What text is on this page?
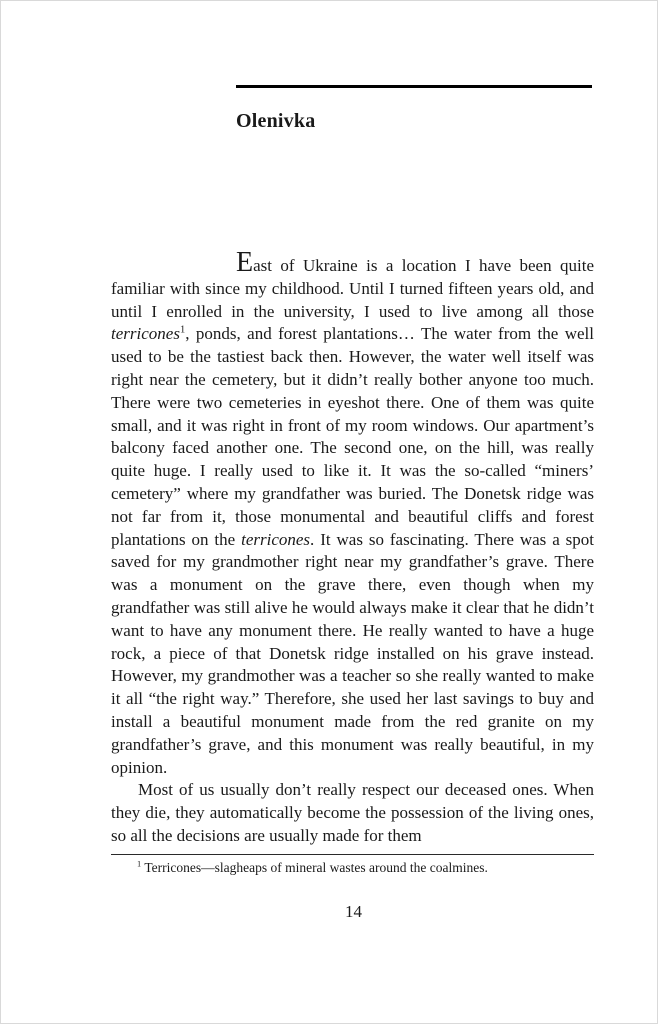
Olenivka

East of Ukraine is a location I have been quite familiar with since my childhood. Until I turned fifteen years old, and until I enrolled in the university, I used to live among all those terricones$^1$, ponds, and forest plantations… The water from the well used to be the tastiest back then. However, the water well itself was right near the cemetery, but it didn’t really bother anyone too much. There were two cemeteries in eyeshot there. One of them was quite small, and it was right in front of my room windows. Our apartment’s balcony faced another one. The second one, on the hill, was really quite huge. I really used to like it. It was the so-called “miners’ cemetery” where my grandfather was buried. The Donetsk ridge was not far from it, those monumental and beautiful cliffs and forest plantations on the terricones. It was so fascinating. There was a spot saved for my grandmother right near my grandfather’s grave. There was a monument on the grave there, even though when my grandfather was still alive he would always make it clear that he didn’t want to have any monument there. He really wanted to have a huge rock, a piece of that Donetsk ridge installed on his grave instead. However, my grandmother was a teacher so she really wanted to make it all “the right way.” Therefore, she used her last savings to buy and install a beautiful monument made from the red granite on my grandfather’s grave, and this monument was really beautiful, in my opinion.

Most of us usually don’t really respect our deceased ones. When they die, they automatically become the possession of the living ones, so all the decisions are usually made for them

$^1$ Terricones—slagheaps of mineral wastes around the coalmines.

14
